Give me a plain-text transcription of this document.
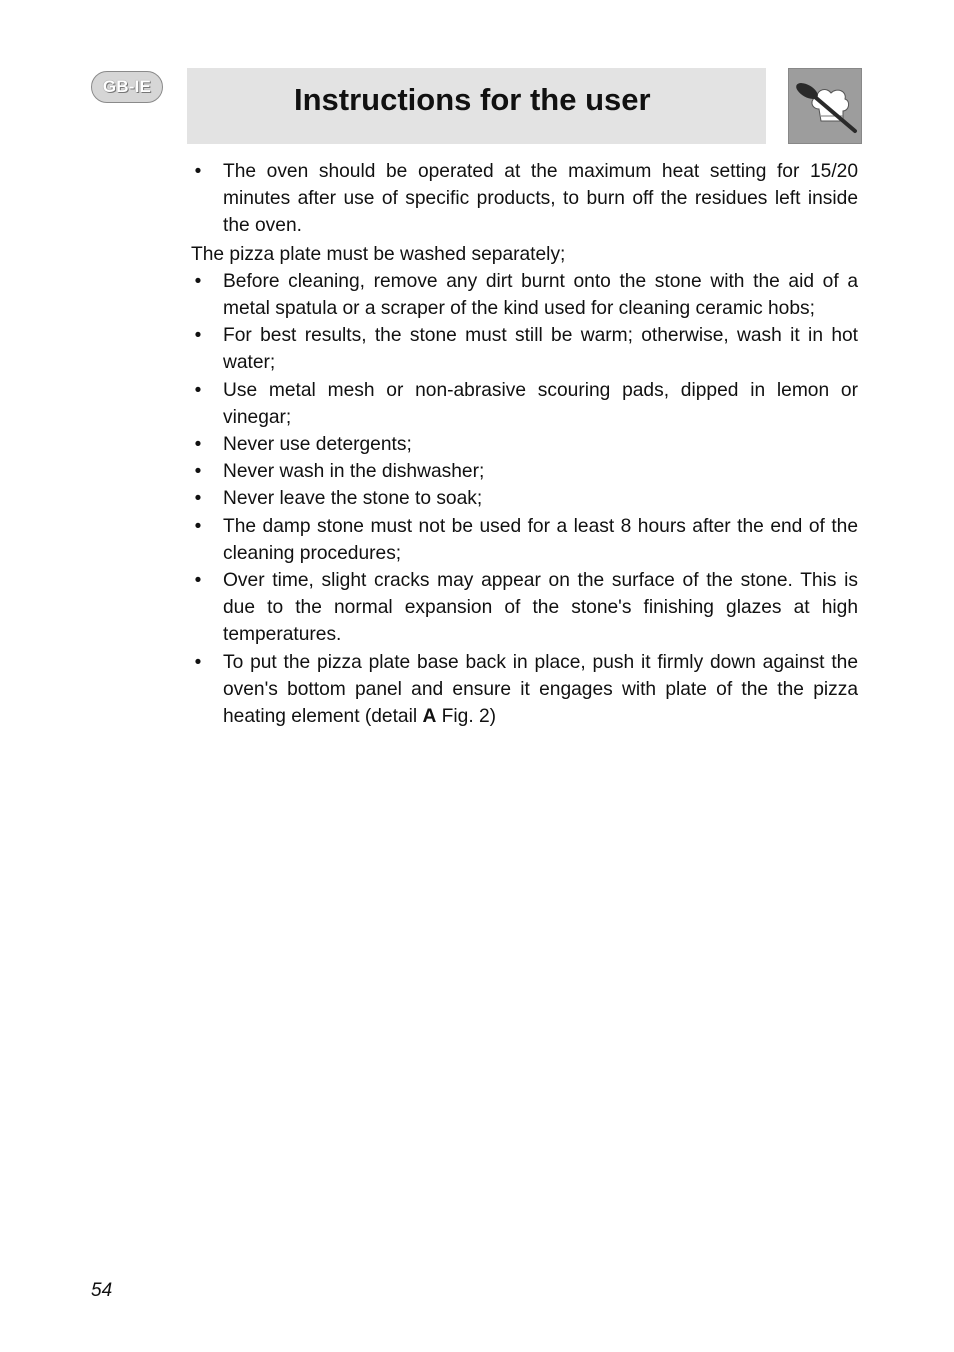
GB-IE	Instructions for the user
• The oven should be operated at the maximum heat setting for 15/20 minutes after use of specific products, to burn off the residues left inside the oven.

The pizza plate must be washed separately;

• Before cleaning, remove any dirt burnt onto the stone with the aid of a metal spatula or a scraper of the kind used for cleaning ceramic hobs;
• For best results, the stone must still be warm; otherwise, wash it in hot water;
• Use metal mesh or non-abrasive scouring pads, dipped in lemon or vinegar;
• Never use detergents;
• Never wash in the dishwasher;
• Never leave the stone to soak;
• The damp stone must not be used for a least 8 hours after the end of the cleaning procedures;
• Over time, slight cracks may appear on the surface of the stone. This is due to the normal expansion of the stone's finishing glazes at high temperatures.
• To put the pizza plate base back in place, push it firmly down against the oven's bottom panel and ensure it engages with plate of the the pizza heating element (detail A Fig. 2)
54
